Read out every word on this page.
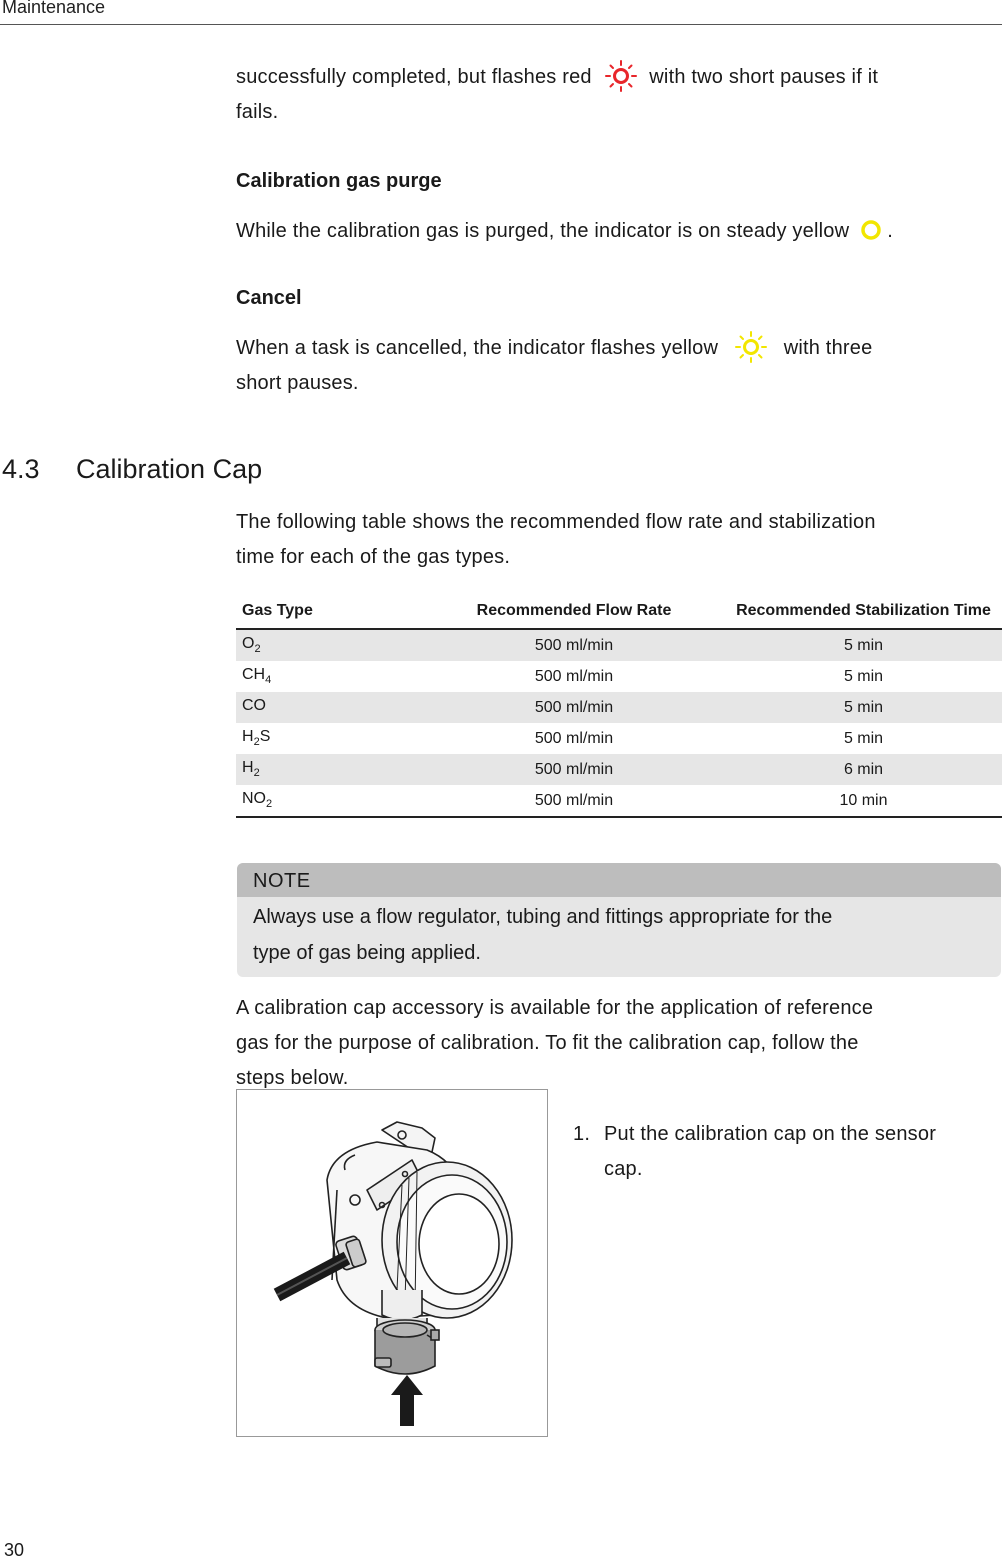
Maintenance
successfully completed, but flashes red	with two short pauses if it
fails.
Calibration gas purge
While the calibration gas is purged, the indicator is on steady yellow .
Cancel
When a task is cancelled, the indicator flashes yellow	with three
short pauses.
4.3 Calibration Cap
The following table shows the recommended flow rate and stabilization
time for each of the gas types.
Gas Type	Recommended Flow Rate	Recommended Stabilization Time
$O_2$	500 ml/min	5 min
$CH_4$	500 ml/min	5 min
CO	500 ml/min	5 min
$H_2S$	500 ml/min	5 min
$H_2$	500 ml/min	6 min
$NO_2$	500 ml/min	10 min
NOTE
Always use a flow regulator, tubing and fittings appropriate for the
type of gas being applied.
A calibration cap accessory is available for the application of reference
gas for the purpose of calibration. To fit the calibration cap, follow the
steps below.
1. Put the calibration cap on the sensor
cap.
30
